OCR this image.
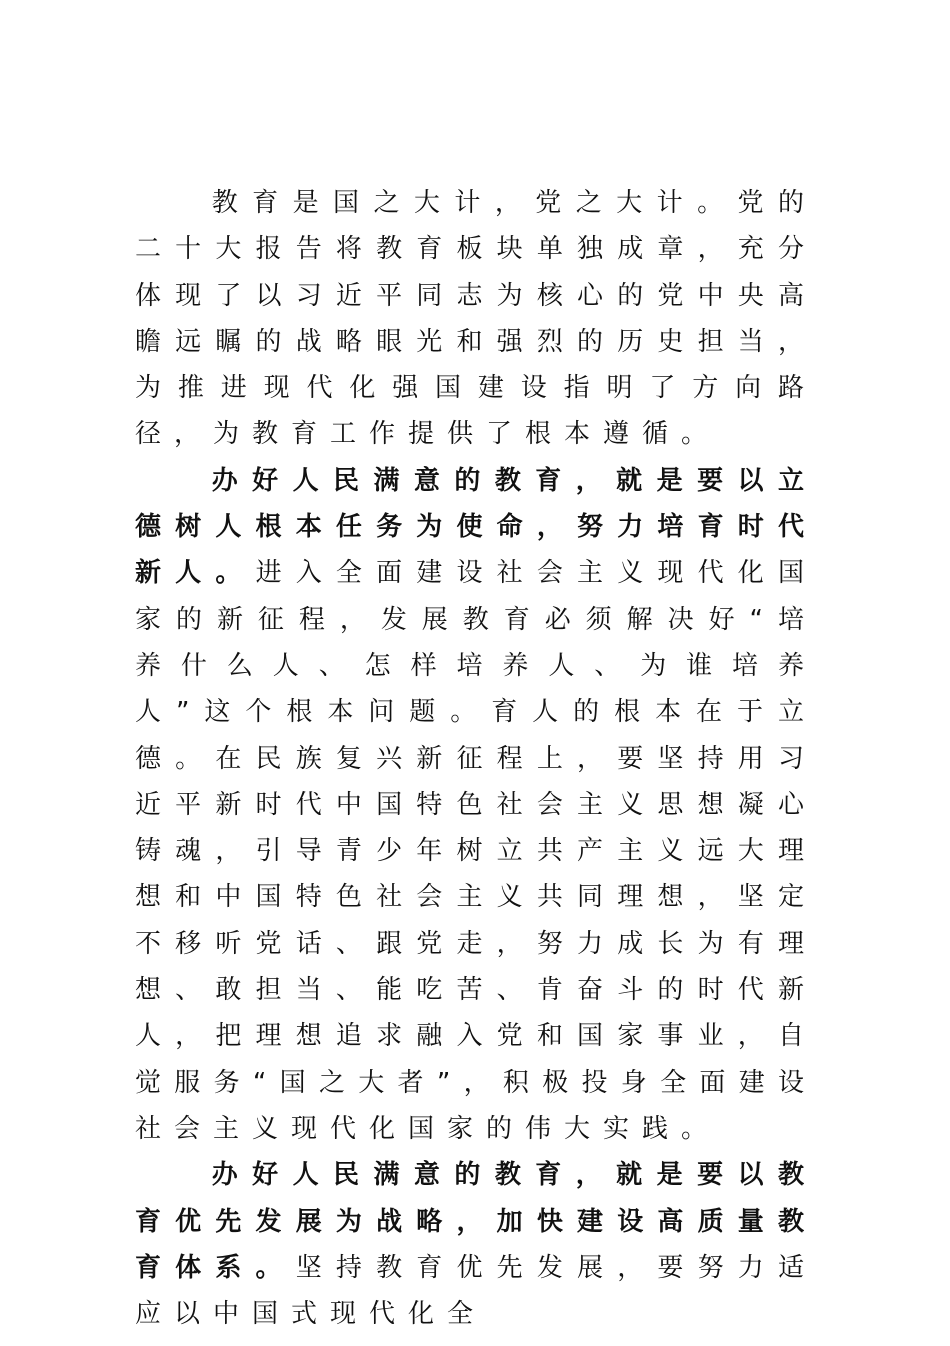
教育是国之大计，党之大计。党的二十大报告将教育板块单独成章，充分体现了以习近平同志为核心的党中央高瞻远瞩的战略眼光和强烈的历史担当，为推进现代化强国建设指明了方向路径，为教育工作提供了根本遵循。

办好人民满意的教育，就是要以立德树人根本任务为使命，努力培育时代新人。进入全面建设社会主义现代化国家的新征程，发展教育必须解决好“培养什么人、怎样培养人、为谁培养人”这个根本问题。育人的根本在于立德。在民族复兴新征程上，要坚持用习近平新时代中国特色社会主义思想凝心铸魂，引导青少年树立共产主义远大理想和中国特色社会主义共同理想，坚定不移听党话、跟党走，努力成长为有理想、敢担当、能吃苦、肯奋斗的时代新人，把理想追求融入党和国家事业，自觉服务“国之大者”，积极投身全面建设社会主义现代化国家的伟大实践。

办好人民满意的教育，就是要以教育优先发展为战略，加快建设高质量教育体系。坚持教育优先发展，要努力适应以中国式现代化全
